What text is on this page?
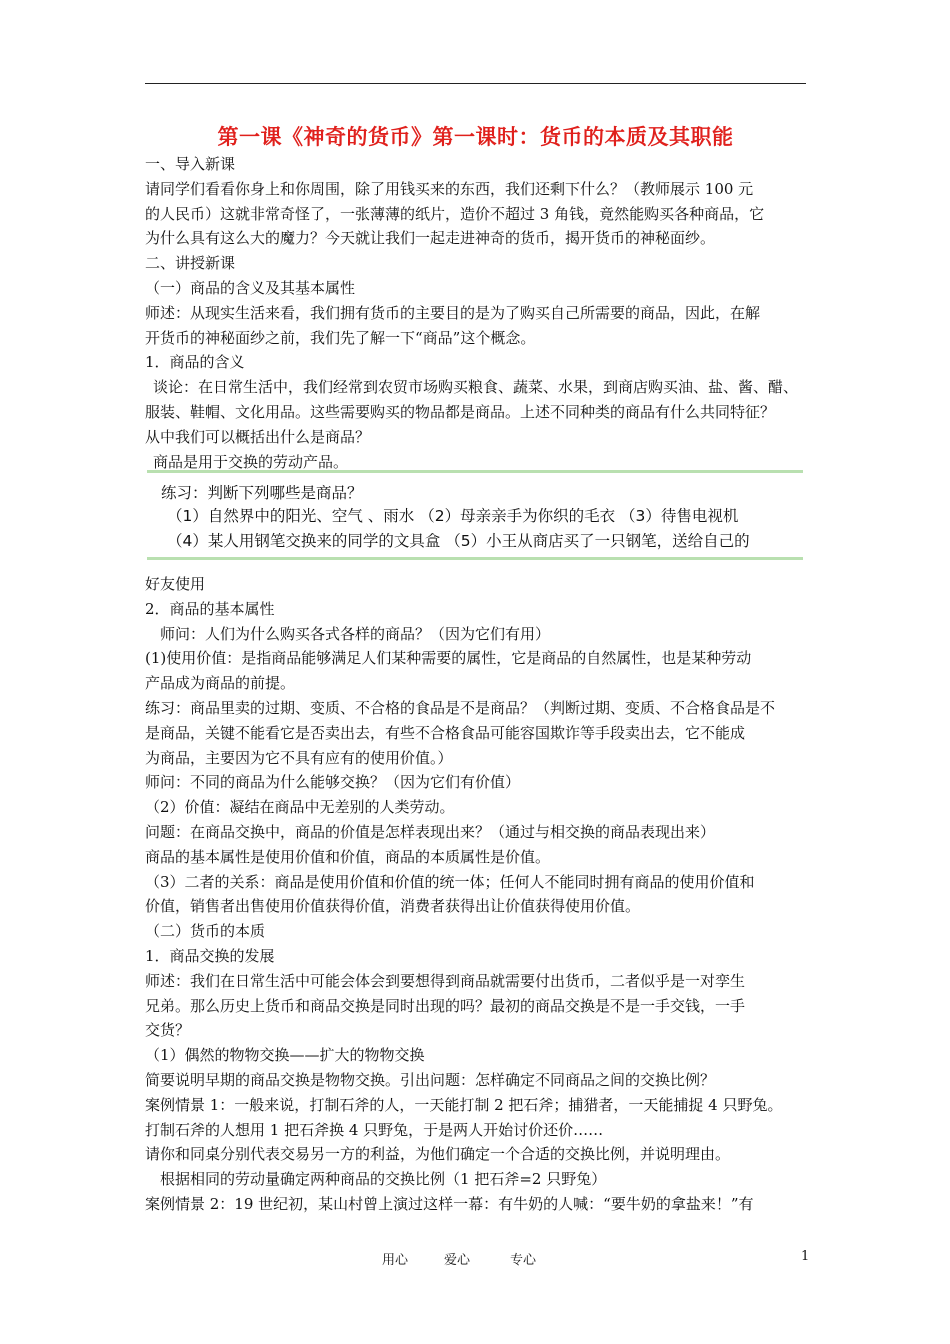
第一课《神奇的货币》第一课时：货币的本质及其职能

一、导入新课

请同学们看看你身上和你周围，除了用钱买来的东西，我们还剩下什么？（教师展示 100 元

的人民币）这就非常奇怪了，一张薄薄的纸片，造价不超过 3 角钱，竟然能购买各种商品，它

为什么具有这么大的魔力？今天就让我们一起走进神奇的货币，揭开货币的神秘面纱。

二、讲授新课

（一）商品的含义及其基本属性

师述：从现实生活来看，我们拥有货币的主要目的是为了购买自己所需要的商品，因此，在解

开货币的神秘面纱之前，我们先了解一下“商品”这个概念。

1．商品的含义

谈论：在日常生活中，我们经常到农贸市场购买粮食、蔬菜、水果，到商店购买油、盐、酱、醋、

服装、鞋帽、文化用品。这些需要购买的物品都是商品。上述不同种类的商品有什么共同特征？

从中我们可以概括出什么是商品？

商品是用于交换的劳动产品。

练习：判断下列哪些是商品？

（1）自然界中的阳光、空气 、雨水 （2）母亲亲手为你织的毛衣 （3）待售电视机

（4）某人用钢笔交换来的同学的文具盒 （5）小王从商店买了一只钢笔，送给自己的

好友使用

2．商品的基本属性

师问：人们为什么购买各式各样的商品？（因为它们有用）

(1)使用价值：是指商品能够满足人们某种需要的属性，它是商品的自然属性，也是某种劳动

产品成为商品的前提。

练习：商品里卖的过期、变质、不合格的食品是不是商品？（判断过期、变质、不合格食品是不

是商品，关键不能看它是否卖出去，有些不合格食品可能容国欺诈等手段卖出去，它不能成

为商品，主要因为它不具有应有的使用价值。）

师问：不同的商品为什么能够交换？（因为它们有价值）

（2）价值：凝结在商品中无差别的人类劳动。

问题：在商品交换中，商品的价值是怎样表现出来？（通过与相交换的商品表现出来）

商品的基本属性是使用价值和价值，商品的本质属性是价值。

（3）二者的关系：商品是使用价值和价值的统一体；任何人不能同时拥有商品的使用价值和

价值，销售者出售使用价值获得价值，消费者获得出让价值获得使用价值。

（二）货币的本质

1．商品交换的发展

师述：我们在日常生活中可能会体会到要想得到商品就需要付出货币，二者似乎是一对孪生

兄弟。那么历史上货币和商品交换是同时出现的吗？最初的商品交换是不是一手交钱，一手

交货？

（1）偶然的物物交换——扩大的物物交换

简要说明早期的商品交换是物物交换。引出问题：怎样确定不同商品之间的交换比例？

案例情景 1：一般来说，打制石斧的人，一天能打制 2 把石斧；捕猎者，一天能捕捉 4 只野兔。

打制石斧的人想用 1 把石斧换 4 只野兔，于是两人开始讨价还价……

请你和同桌分别代表交易另一方的利益，为他们确定一个合适的交换比例，并说明理由。

根据相同的劳动量确定两种商品的交换比例（1 把石斧=2 只野兔）

案例情景 2：19 世纪初，某山村曾上演过这样一幕：有牛奶的人喊：“要牛奶的拿盐来！”有

用心	爱心	专心	1
